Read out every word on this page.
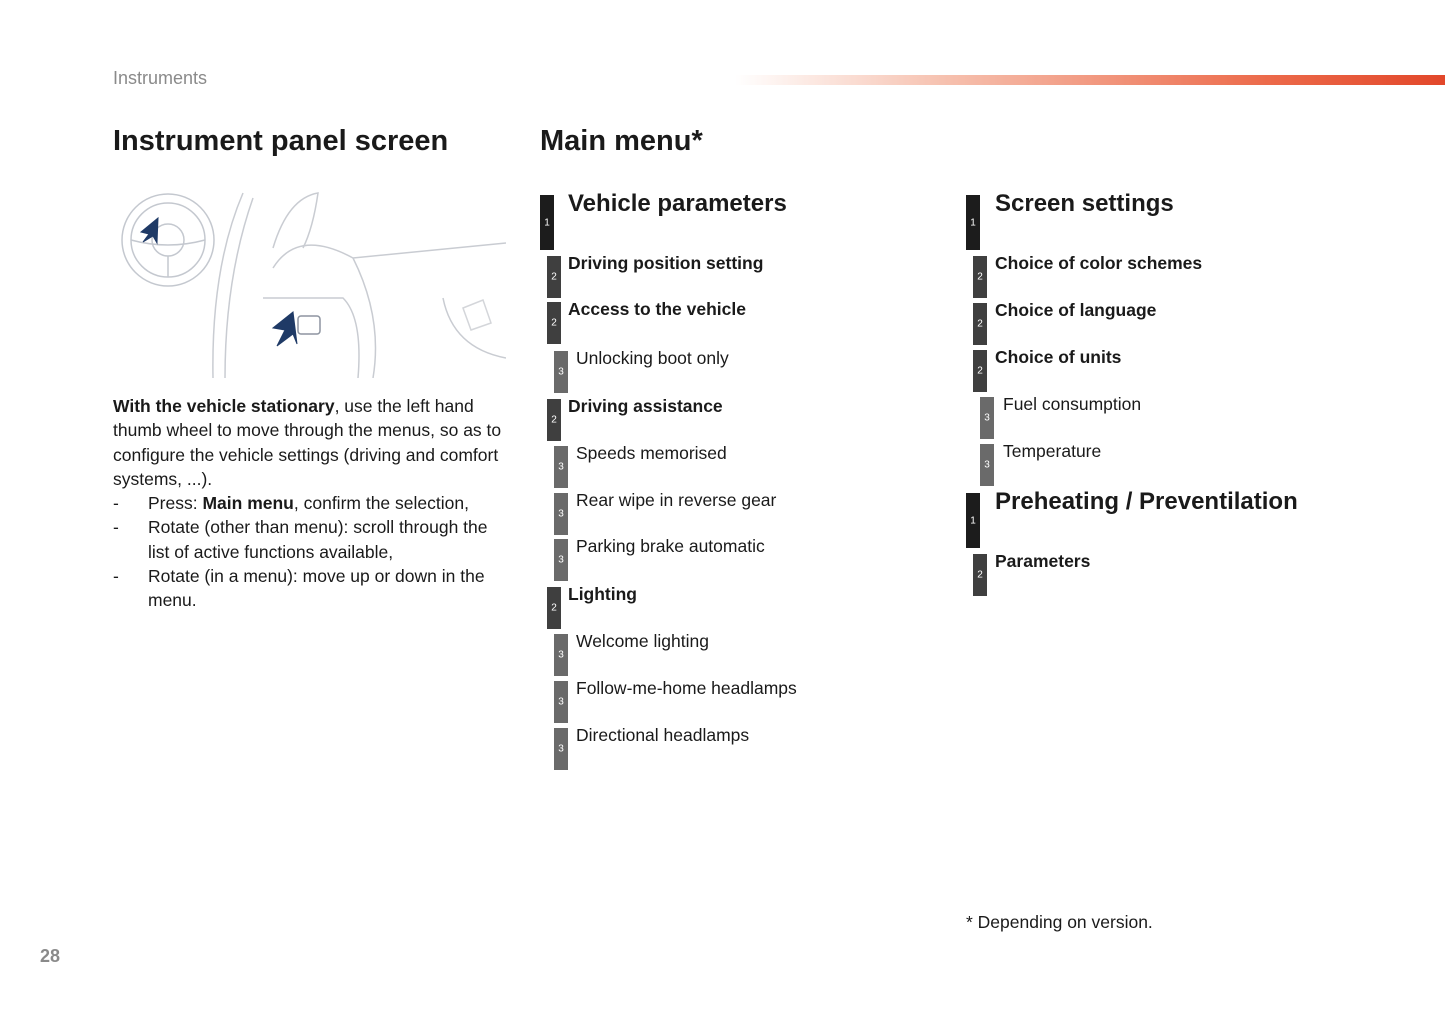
Instruments
Instrument panel screen	Main menu*

With the vehicle stationary, use the left hand thumb wheel to move through the menus, so as to configure the vehicle settings (driving and comfort systems, ...).

- Press: Main menu, confirm the selection,
- Rotate (other than menu): scroll through the list of active functions available,
- Rotate (in a menu): move up or down in the menu.
1
Vehicle parameters
2
Driving position setting
2
Access to the vehicle
3
Unlocking boot only
2
Driving assistance
3
Speeds memorised
3
Rear wipe in reverse gear
3
Parking brake automatic
2
Lighting
3
Welcome lighting
3
Follow-me-home headlamps
3
Directional headlamps
1
Screen settings
2
Choice of color schemes
2
Choice of language
2
Choice of units
3
Fuel consumption
3
Temperature
1
Preheating / Preventilation
2
Parameters
* Depending on version.
28
